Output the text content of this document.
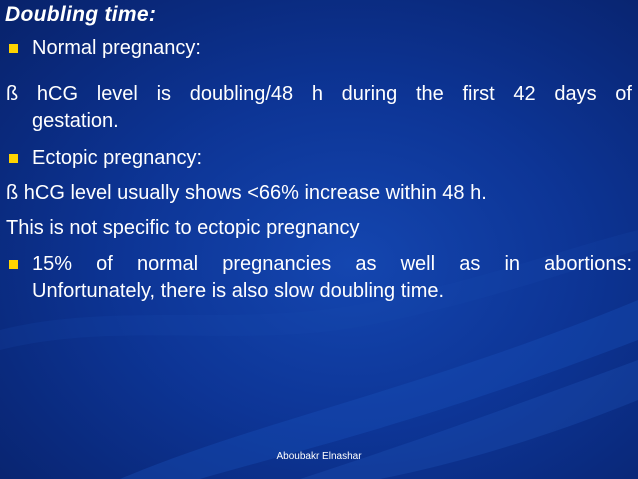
Doubling time:

Normal pregnancy:

ß hCG level is doubling/48 h during the first 42 days of

gestation.

Ectopic pregnancy:

ß hCG level usually shows <66% increase within 48 h.

This is not specific to ectopic pregnancy

15% of normal pregnancies as well as in abortions:

Unfortunately, there is also slow doubling time.

Aboubakr Elnashar
